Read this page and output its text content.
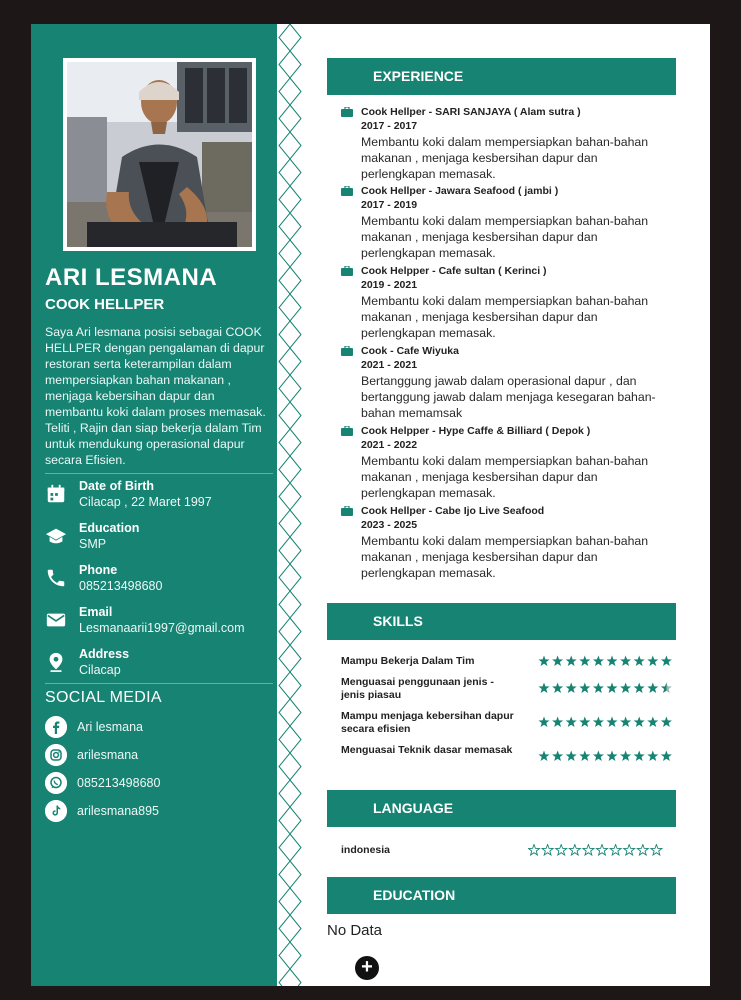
ARI LESMANA
COOK HELLPER
Saya Ari lesmana posisi sebagai COOK HELLPER dengan pengalaman di dapur restoran serta keterampilan dalam mempersiapkan bahan makanan , menjaga kebersihan dapur dan membantu koki dalam proses memasak. Teliti , Rajin dan siap bekerja dalam Tim untuk mendukung operasional dapur secara Efisien.
Date of Birth
Cilacap , 22 Maret 1997
Education
SMP
Phone
085213498680
Email
Lesmanaarii1997@gmail.com
Address
Cilacap
SOCIAL MEDIA
Ari lesmana
arilesmana
085213498680
arilesmana895
EXPERIENCE
Cook Hellper - SARI SANJAYA ( Alam sutra )
2017 - 2017
Membantu koki dalam mempersiapkan bahan-bahan makanan , menjaga kesbersihan dapur dan perlengkapan memasak.
Cook Hellper - Jawara Seafood ( jambi )
2017 - 2019
Membantu koki dalam mempersiapkan bahan-bahan makanan , menjaga kesbersihan dapur dan perlengkapan memasak.
Cook Helpper - Cafe sultan ( Kerinci )
2019 - 2021
Membantu koki dalam mempersiapkan bahan-bahan makanan , menjaga kesbersihan dapur dan perlengkapan memasak.
Cook - Cafe Wiyuka
2021 - 2021
Bertanggung jawab dalam operasional dapur , dan bertanggung jawab dalam menjaga kesegaran bahan-bahan memamsak
Cook Helpper - Hype Caffe & Billiard ( Depok )
2021 - 2022
Membantu koki dalam mempersiapkan bahan-bahan makanan , menjaga kesbersihan dapur dan perlengkapan memasak.
Cook Hellper - Cabe Ijo Live Seafood
2023 - 2025
Membantu koki dalam mempersiapkan bahan-bahan makanan , menjaga kesbersihan dapur dan perlengkapan memasak.
SKILLS
Mampu Bekerja Dalam Tim
Menguasai penggunaan jenis - jenis piasau
Mampu menjaga kebersihan dapur secara efisien
Menguasai Teknik dasar memasak
LANGUAGE
indonesia
EDUCATION
No Data
+
